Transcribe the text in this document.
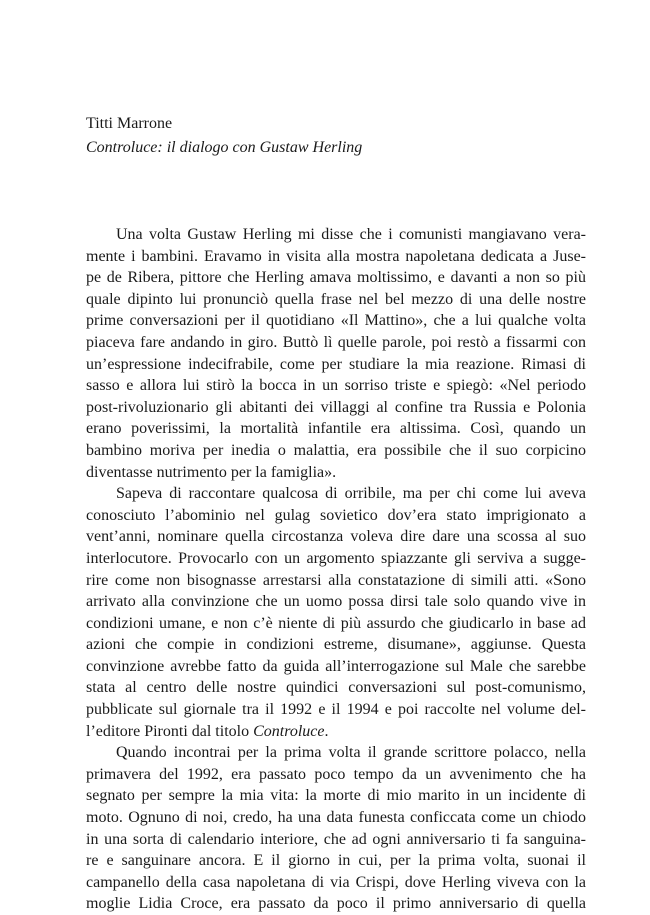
Titti Marrone

Controluce: il dialogo con Gustaw Herling

Una volta Gustaw Herling mi disse che i comunisti mangiavano vera-
mente i bambini. Eravamo in visita alla mostra napoletana dedicata a Juse-
pe de Ribera, pittore che Herling amava moltissimo, e davanti a non so più
quale dipinto lui pronunciò quella frase nel bel mezzo di una delle nostre
prime conversazioni per il quotidiano «Il Mattino», che a lui qualche volta
piaceva fare andando in giro. Buttò lì quelle parole, poi restò a fissarmi con
un’espressione indecifrabile, come per studiare la mia reazione. Rimasi di
sasso e allora lui stirò la bocca in un sorriso triste e spiegò: «Nel periodo
post-rivoluzionario gli abitanti dei villaggi al confine tra Russia e Polonia
erano poverissimi, la mortalità infantile era altissima. Così, quando un
bambino moriva per inedia o malattia, era possibile che il suo corpicino
diventasse nutrimento per la famiglia».
Sapeva di raccontare qualcosa di orribile, ma per chi come lui aveva
conosciuto l’abominio nel gulag sovietico dov’era stato imprigionato a
vent’anni, nominare quella circostanza voleva dire dare una scossa al suo
interlocutore. Provocarlo con un argomento spiazzante gli serviva a sugge-
rire come non bisognasse arrestarsi alla constatazione di simili atti. «Sono
arrivato alla convinzione che un uomo possa dirsi tale solo quando vive in
condizioni umane, e non c’è niente di più assurdo che giudicarlo in base ad
azioni che compie in condizioni estreme, disumane», aggiunse. Questa
convinzione avrebbe fatto da guida all’interrogazione sul Male che sarebbe
stata al centro delle nostre quindici conversazioni sul post-comunismo,
pubblicate sul giornale tra il 1992 e il 1994 e poi raccolte nel volume del-
l’editore Pironti dal titolo Controluce.
Quando incontrai per la prima volta il grande scrittore polacco, nella
primavera del 1992, era passato poco tempo da un avvenimento che ha
segnato per sempre la mia vita: la morte di mio marito in un incidente di
moto. Ognuno di noi, credo, ha una data funesta conficcata come un chiodo
in una sorta di calendario interiore, che ad ogni anniversario ti fa sanguina-
re e sanguinare ancora. E il giorno in cui, per la prima volta, suonai il
campanello della casa napoletana di via Crispi, dove Herling viveva con la
moglie Lidia Croce, era passato da poco il primo anniversario di quella
